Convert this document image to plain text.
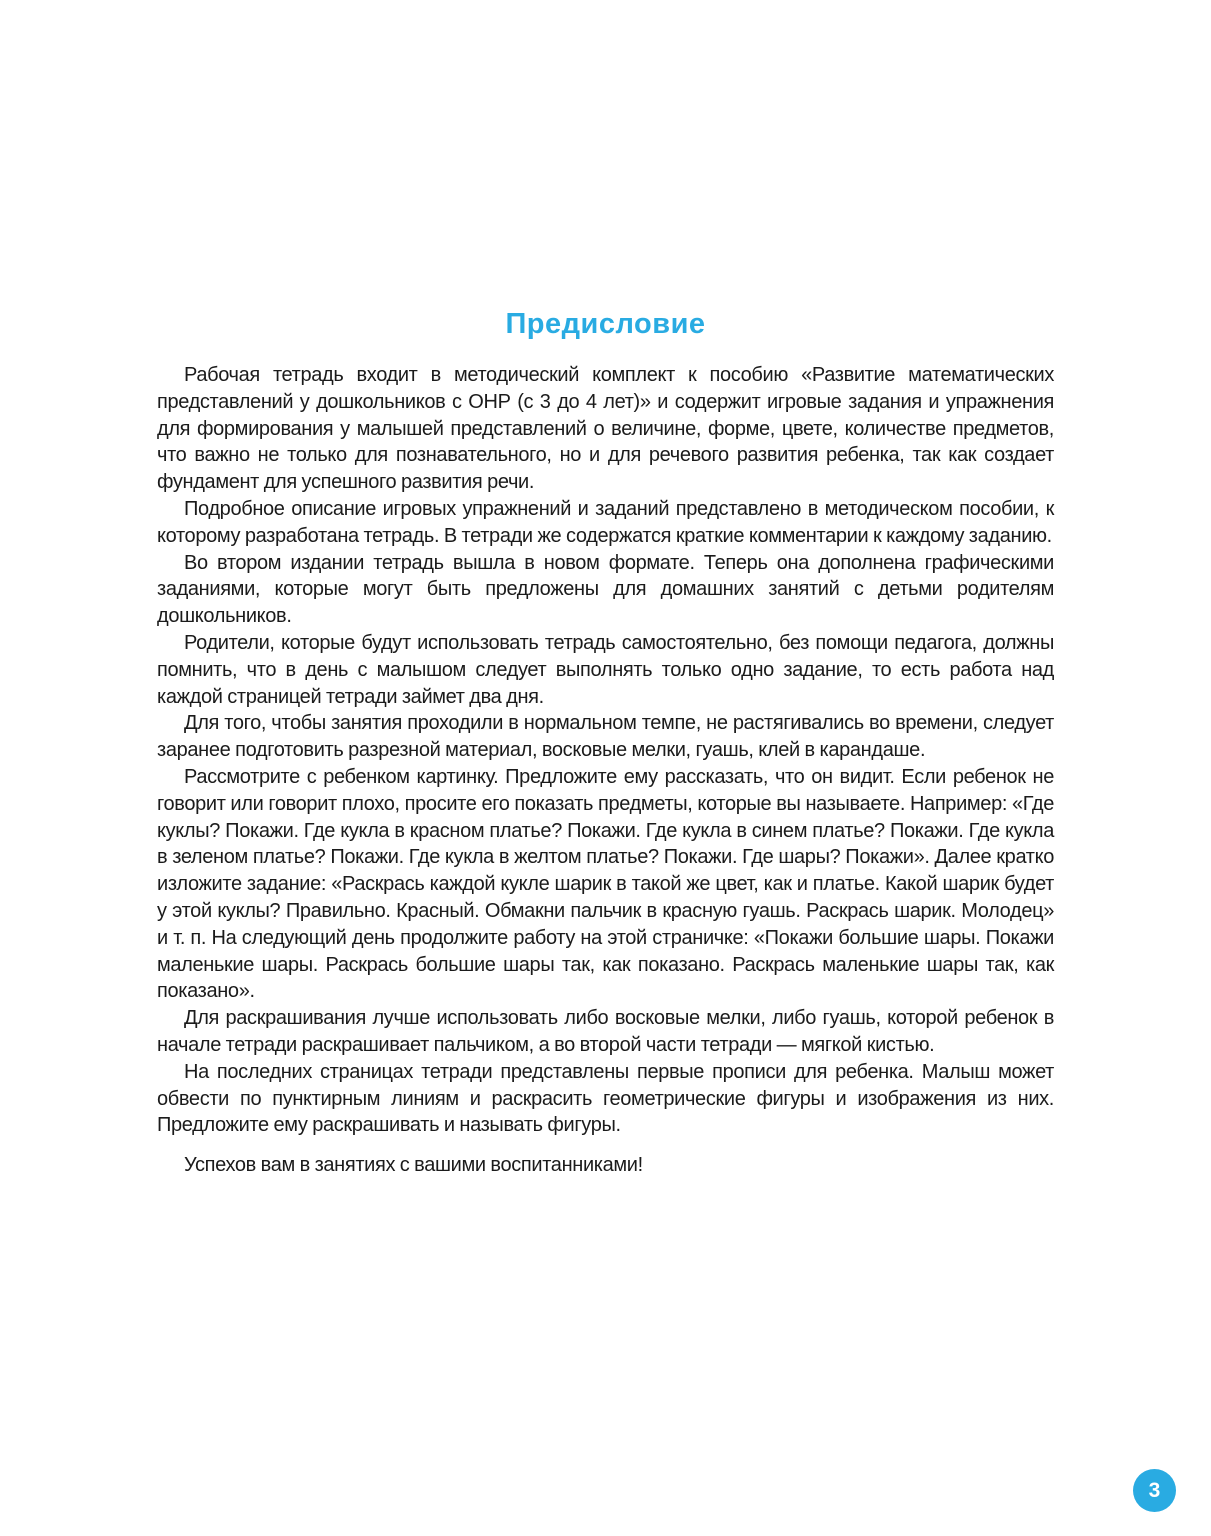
Предисловие

Рабочая тетрадь входит в методический комплект к пособию «Развитие математических представлений у дошкольников с ОНР (с 3 до 4 лет)» и содержит игровые задания и упражнения для формирования у малышей представлений о величине, форме, цвете, количестве предметов, что важно не только для познавательного, но и для речевого развития ребенка, так как создает фундамент для успешного развития речи.

Подробное описание игровых упражнений и заданий представлено в методическом пособии, к которому разработана тетрадь. В тетради же содержатся краткие комментарии к каждому заданию.

Во втором издании тетрадь вышла в новом формате. Теперь она дополнена графическими заданиями, которые могут быть предложены для домашних занятий с детьми родителям дошкольников.

Родители, которые будут использовать тетрадь самостоятельно, без помощи педагога, должны помнить, что в день с малышом следует выполнять только одно задание, то есть работа над каждой страницей тетради займет два дня.

Для того, чтобы занятия проходили в нормальном темпе, не растягивались во времени, следует заранее подготовить разрезной материал, восковые мелки, гуашь, клей в карандаше.

Рассмотрите с ребенком картинку. Предложите ему рассказать, что он видит. Если ребенок не говорит или говорит плохо, просите его показать предметы, которые вы называете. Например: «Где куклы? Покажи. Где кукла в красном платье? Покажи. Где кукла в синем платье? Покажи. Где кукла в зеленом платье? Покажи. Где кукла в желтом платье? Покажи. Где шары? Покажи». Далее кратко изложите задание: «Раскрась каждой кукле шарик в такой же цвет, как и платье. Какой шарик будет у этой куклы? Правильно. Красный. Обмакни пальчик в красную гуашь. Раскрась шарик. Молодец» и т. п. На следующий день продолжите работу на этой страничке: «Покажи большие шары. Покажи маленькие шары. Раскрась большие шары так, как показано. Раскрась маленькие шары так, как показано».

Для раскрашивания лучше использовать либо восковые мелки, либо гуашь, которой ребенок в начале тетради раскрашивает пальчиком, а во второй части тетради — мягкой кистью.

На последних страницах тетради представлены первые прописи для ребенка. Малыш может обвести по пунктирным линиям и раскрасить геометрические фигуры и изображения из них. Предложите ему раскрашивать и называть фигуры.

Успехов вам в занятиях с вашими воспитанниками!

3
